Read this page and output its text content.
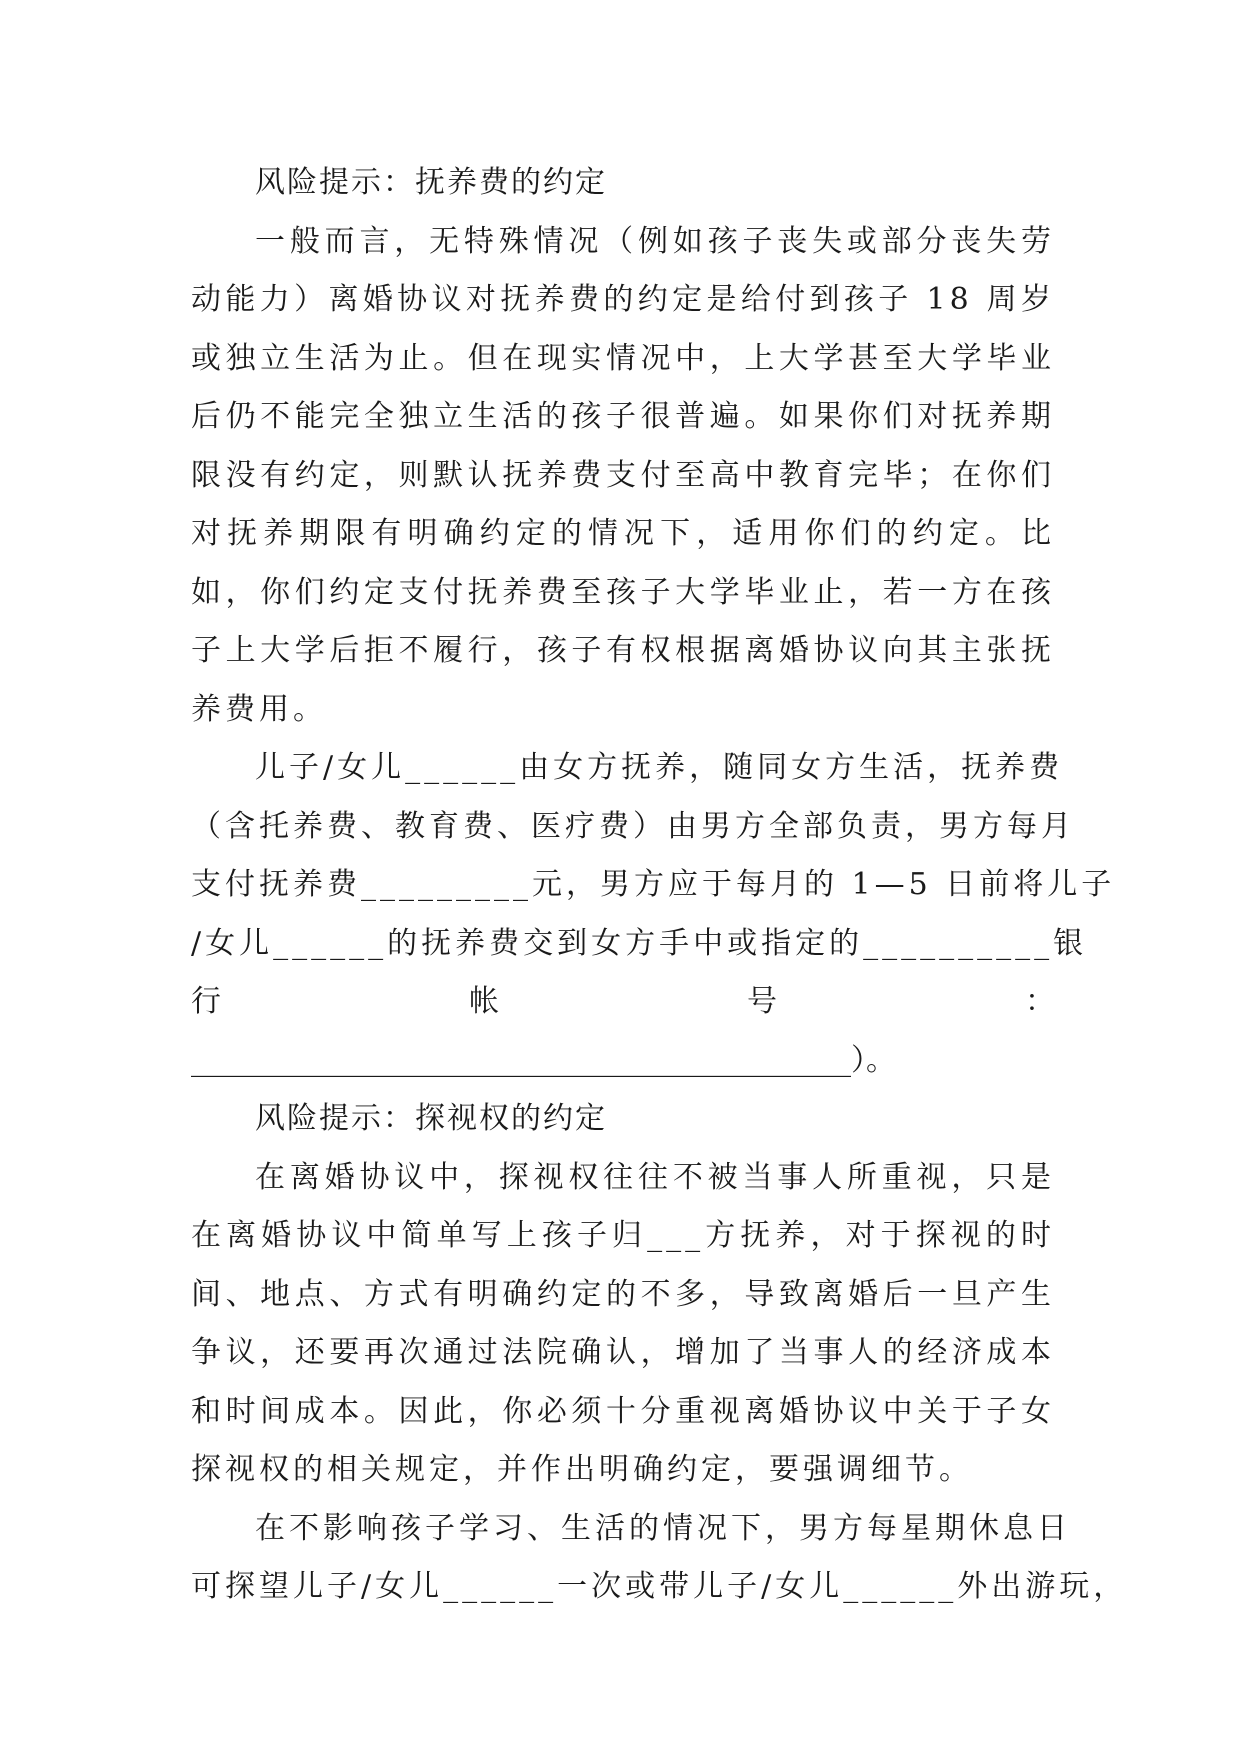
风险提示：抚养费的约定

一般而言，无特殊情况（例如孩子丧失或部分丧失劳动能力）离婚协议对抚养费的约定是给付到孩子 18 周岁或独立生活为止。但在现实情况中，上大学甚至大学毕业后仍不能完全独立生活的孩子很普遍。如果你们对抚养期限没有约定，则默认抚养费支付至高中教育完毕；在你们对抚养期限有明确约定的情况下，适用你们的约定。比如，你们约定支付抚养费至孩子大学毕业止，若一方在孩子上大学后拒不履行，孩子有权根据离婚协议向其主张抚养费用。

儿子/女儿______由女方抚养，随同女方生活，抚养费
（含托养费、教育费、医疗费）由男方全部负责，男方每月
支付抚养费_________元，男方应于每月的 1—5 日前将儿子
/女儿______的抚养费交到女方手中或指定的__________银
行	帐	号	：
____________________________________________）。

风险提示：探视权的约定

在离婚协议中，探视权往往不被当事人所重视，只是在离婚协议中简单写上孩子归___方抚养，对于探视的时间、地点、方式有明确约定的不多，导致离婚后一旦产生争议，还要再次通过法院确认，增加了当事人的经济成本和时间成本。因此，你必须十分重视离婚协议中关于子女探视权的相关规定，并作出明确约定，要强调细节。

在不影响孩子学习、生活的情况下，男方每星期休息日
可探望儿子/女儿______一次或带儿子/女儿______外出游玩，
